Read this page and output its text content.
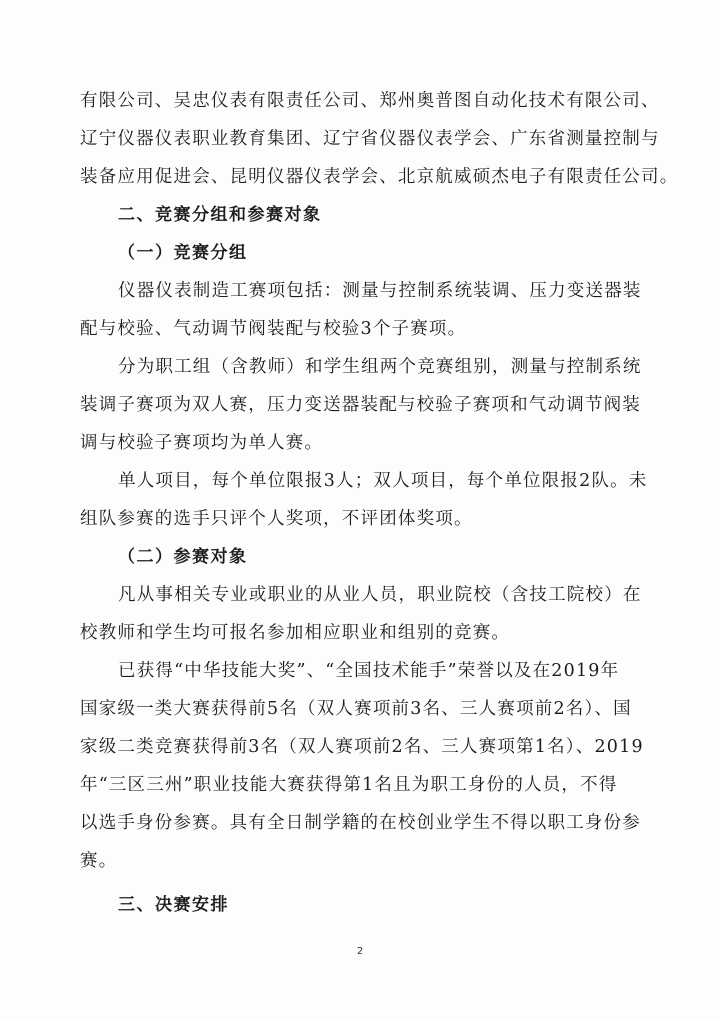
有限公司、吴忠仪表有限责任公司、郑州奥普图自动化技术有限公司、
辽宁仪器仪表职业教育集团、辽宁省仪器仪表学会、广东省测量控制与
装备应用促进会、昆明仪器仪表学会、北京航威硕杰电子有限责任公司。

二、竞赛分组和参赛对象

（一）竞赛分组

仪器仪表制造工赛项包括：测量与控制系统装调、压力变送器装
配与校验、气动调节阀装配与校验3个子赛项。

分为职工组（含教师）和学生组两个竞赛组别，测量与控制系统
装调子赛项为双人赛，压力变送器装配与校验子赛项和气动调节阀装
调与校验子赛项均为单人赛。

单人项目，每个单位限报3人；双人项目，每个单位限报2队。未
组队参赛的选手只评个人奖项，不评团体奖项。

（二）参赛对象

凡从事相关专业或职业的从业人员，职业院校（含技工院校）在
校教师和学生均可报名参加相应职业和组别的竞赛。

已获得“中华技能大奖”、“全国技术能手”荣誉以及在2019年
国家级一类大赛获得前5名（双人赛项前3名、三人赛项前2名）、国
家级二类竞赛获得前3名（双人赛项前2名、三人赛项第1名）、2019
年“三区三州”职业技能大赛获得第1名且为职工身份的人员，不得
以选手身份参赛。具有全日制学籍的在校创业学生不得以职工身份参
赛。

三、决赛安排

2
